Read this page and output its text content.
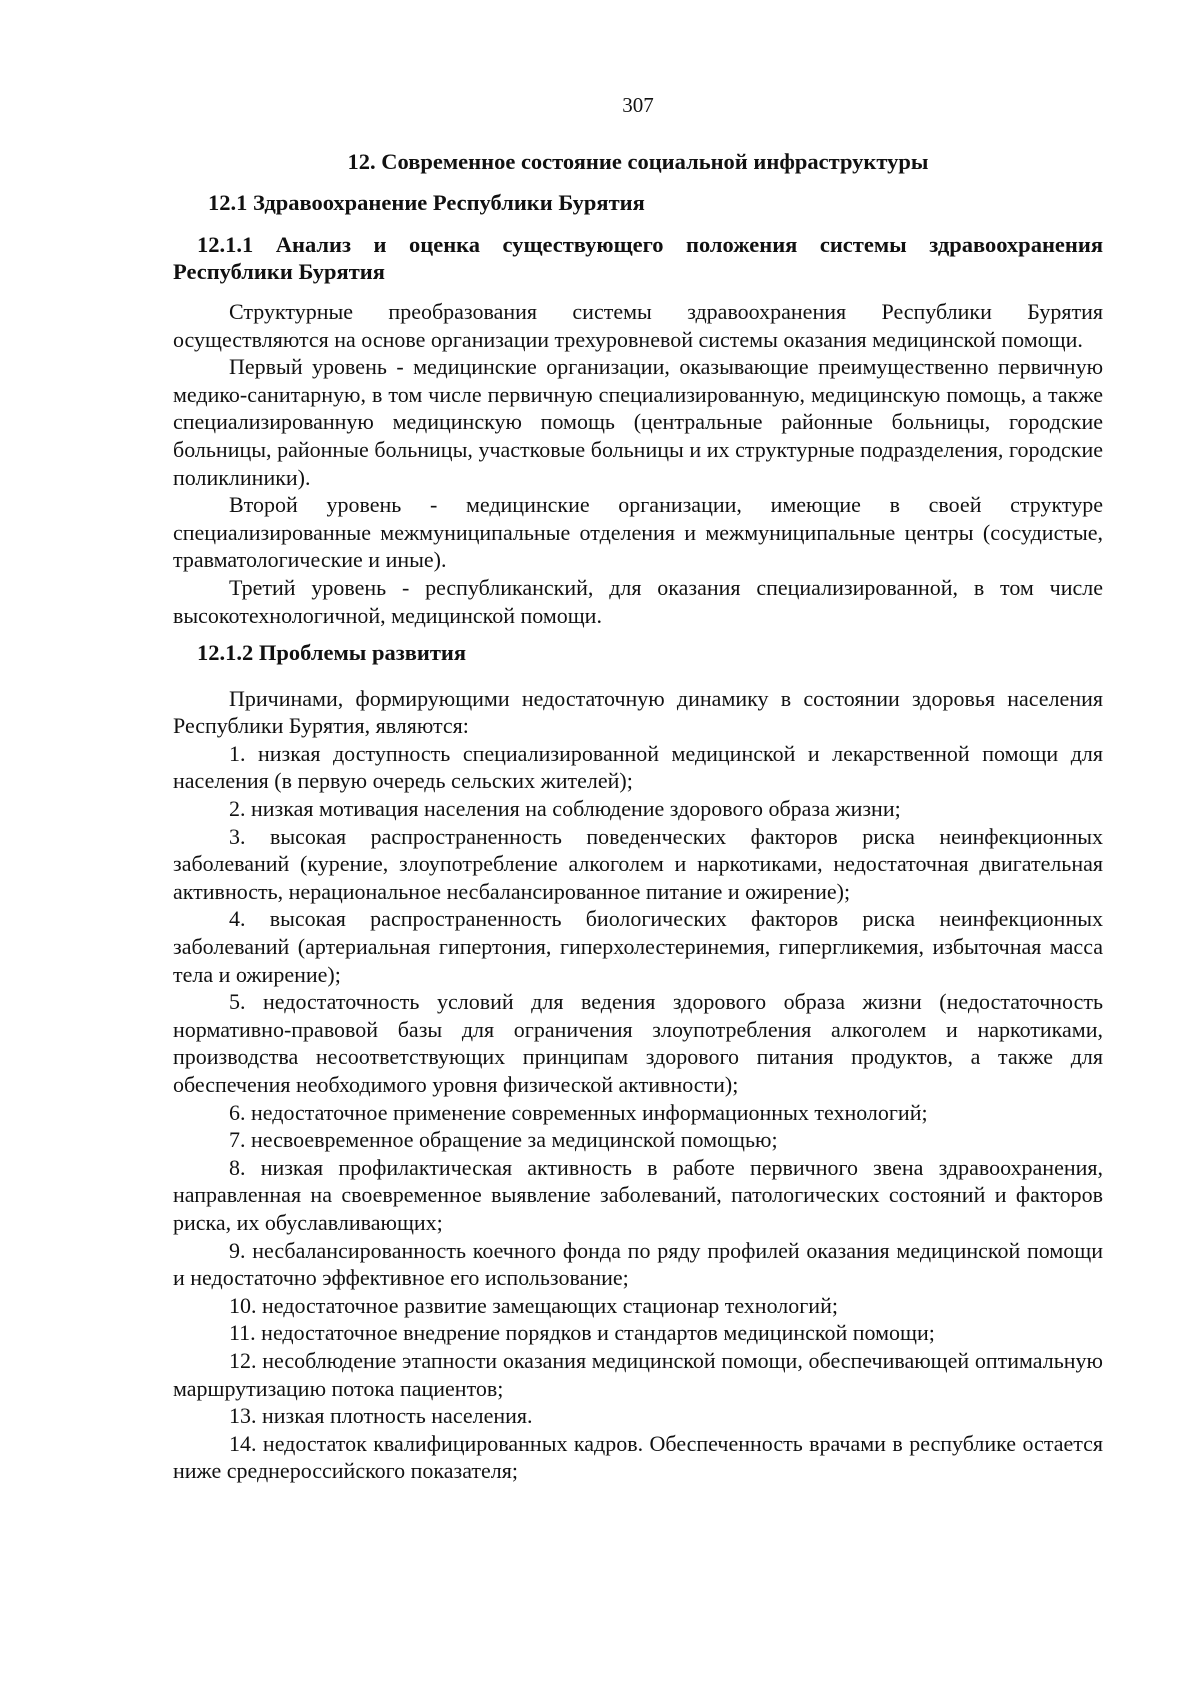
307
12. Современное состояние социальной инфраструктуры
12.1 Здравоохранение Республики Бурятия
12.1.1 Анализ и оценка существующего положения системы здравоохранения Республики Бурятия

Структурные преобразования системы здравоохранения Республики Бурятия осуществляются на основе организации трехуровневой системы оказания медицинской помощи.

Первый уровень - медицинские организации, оказывающие преимущественно первичную медико-санитарную, в том числе первичную специализированную, медицинскую помощь, а также специализированную медицинскую помощь (центральные районные больницы, городские больницы, районные больницы, участковые больницы и их структурные подразделения, городские поликлиники).

Второй уровень - медицинские организации, имеющие в своей структуре специализированные межмуниципальные отделения и межмуниципальные центры (сосудистые, травматологические и иные).

Третий уровень - республиканский, для оказания специализированной, в том числе высокотехнологичной, медицинской помощи.

12.1.2 Проблемы развития

Причинами, формирующими недостаточную динамику в состоянии здоровья населения Республики Бурятия, являются:

1. низкая доступность специализированной медицинской и лекарственной помощи для населения (в первую очередь сельских жителей);

2. низкая мотивация населения на соблюдение здорового образа жизни;

3. высокая распространенность поведенческих факторов риска неинфекционных заболеваний (курение, злоупотребление алкоголем и наркотиками, недостаточная двигательная активность, нерациональное несбалансированное питание и ожирение);

4. высокая распространенность биологических факторов риска неинфекционных заболеваний (артериальная гипертония, гиперхолестеринемия, гипергликемия, избыточная масса тела и ожирение);

5. недостаточность условий для ведения здорового образа жизни (недостаточность нормативно-правовой базы для ограничения злоупотребления алкоголем и наркотиками, производства несоответствующих принципам здорового питания продуктов, а также для обеспечения необходимого уровня физической активности);

6. недостаточное применение современных информационных технологий;

7. несвоевременное обращение за медицинской помощью;

8. низкая профилактическая активность в работе первичного звена здравоохранения, направленная на своевременное выявление заболеваний, патологических состояний и факторов риска, их обуславливающих;

9. несбалансированность коечного фонда по ряду профилей оказания медицинской помощи и недостаточно эффективное его использование;

10. недостаточное развитие замещающих стационар технологий;

11. недостаточное внедрение порядков и стандартов медицинской помощи;

12. несоблюдение этапности оказания медицинской помощи, обеспечивающей оптимальную маршрутизацию потока пациентов;

13. низкая плотность населения.

14. недостаток квалифицированных кадров. Обеспеченность врачами в республике остается ниже среднероссийского показателя;
